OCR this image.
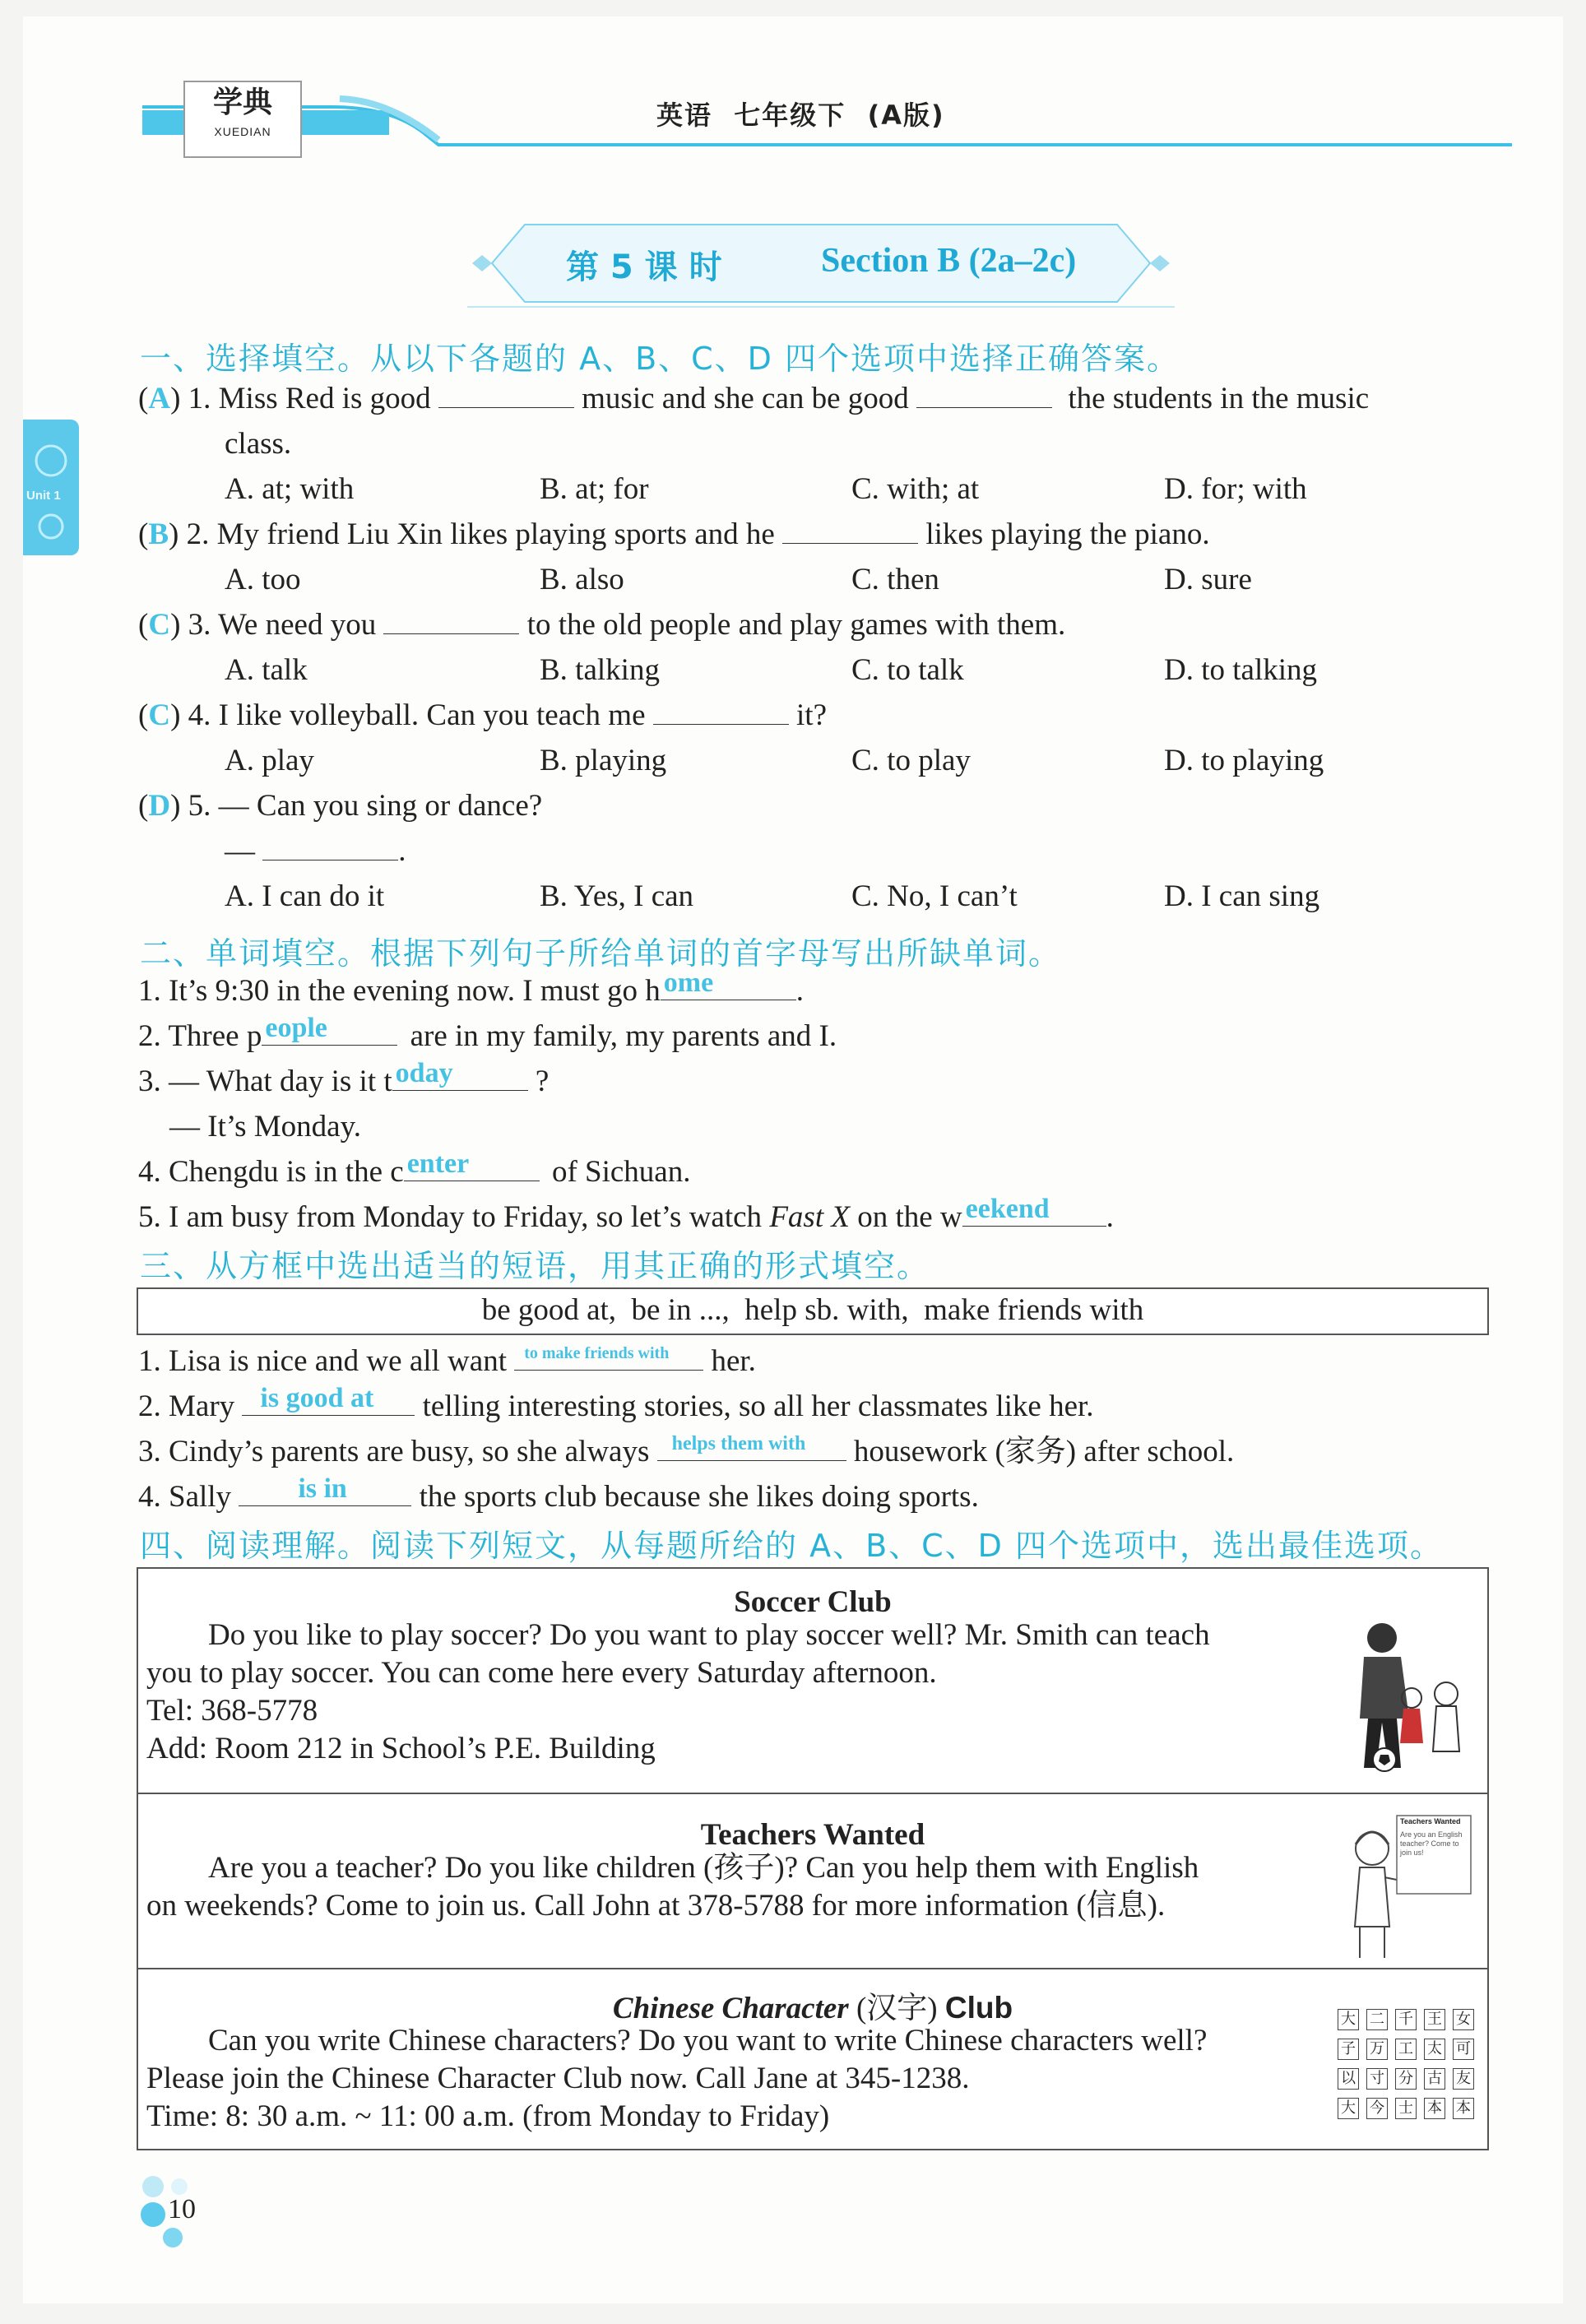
学典
XUEDIAN
英语  七年级下  (A版)
Unit 1
第 5 课 时	Section B (2a–2c)
一、选择填空。从以下各题的 A、B、C、D 四个选项中选择正确答案。
(A) 1. Miss Red is good	music and she can be good	the students in the music
class.
A. at; with	B. at; for	C. with; at	D. for; with
(B) 2. My friend Liu Xin likes playing sports and he	likes playing the piano.
A. too	B. also	C. then	D. sure
(C) 3. We need you	to the old people and play games with them.
A. talk	B. talking	C. to talk	D. to talking
(C) 4. I like volleyball. Can you teach me	it?
A. play	B. playing	C. to play	D. to playing
(D) 5. — Can you sing or dance?
—	.
A. I can do it	B. Yes, I can	C. No, I can’t	D. I can sing
二、单词填空。根据下列句子所给单词的首字母写出所缺单词。
1. It’s 9:30 in the evening now. I must go h ome	.
2. Three p eople	are in my family, my parents and I.
3. — What day is it t oday	?
— It’s Monday.
4. Chengdu is in the c enter	of Sichuan.
5. I am busy from Monday to Friday, so let’s watch Fast X on the w eekend .
三、从方框中选出适当的短语，用其正确的形式填空。
be good at,  be in ...,  help sb. with,  make friends with
1. Lisa is nice and we all want to make friends with her.
2. Mary is good at telling interesting stories, so all her classmates like her.
3. Cindy’s parents are busy, so she always helps them with housework (家务) after school.
4. Sally is in the sports club because she likes doing sports.
四、阅读理解。阅读下列短文，从每题所给的 A、B、C、D 四个选项中，选出最佳选项。
Soccer Club
Do you like to play soccer? Do you want to play soccer well? Mr. Smith can teach
you to play soccer. You can come here every Saturday afternoon.
Tel: 368-5778
Add: Room 212 in School’s P.E. Building
Teachers Wanted
Are you a teacher? Do you like children (孩子)? Can you help them with English
on weekends? Come to join us. Call John at 378-5788 for more information (信息).
Teachers Wanted
Are you an English teacher? Come to join us!
Chinese Character (汉字) Club
Can you write Chinese characters? Do you want to write Chinese characters well?
Please join the Chinese Character Club now. Call Jane at 345-1238.
Time: 8: 30 a.m. ~ 11: 00 a.m. (from Monday to Friday)
大 二 千 王 女
子 万 工 太 可
以 寸 分 古 友
大 今 士 本 本
10
